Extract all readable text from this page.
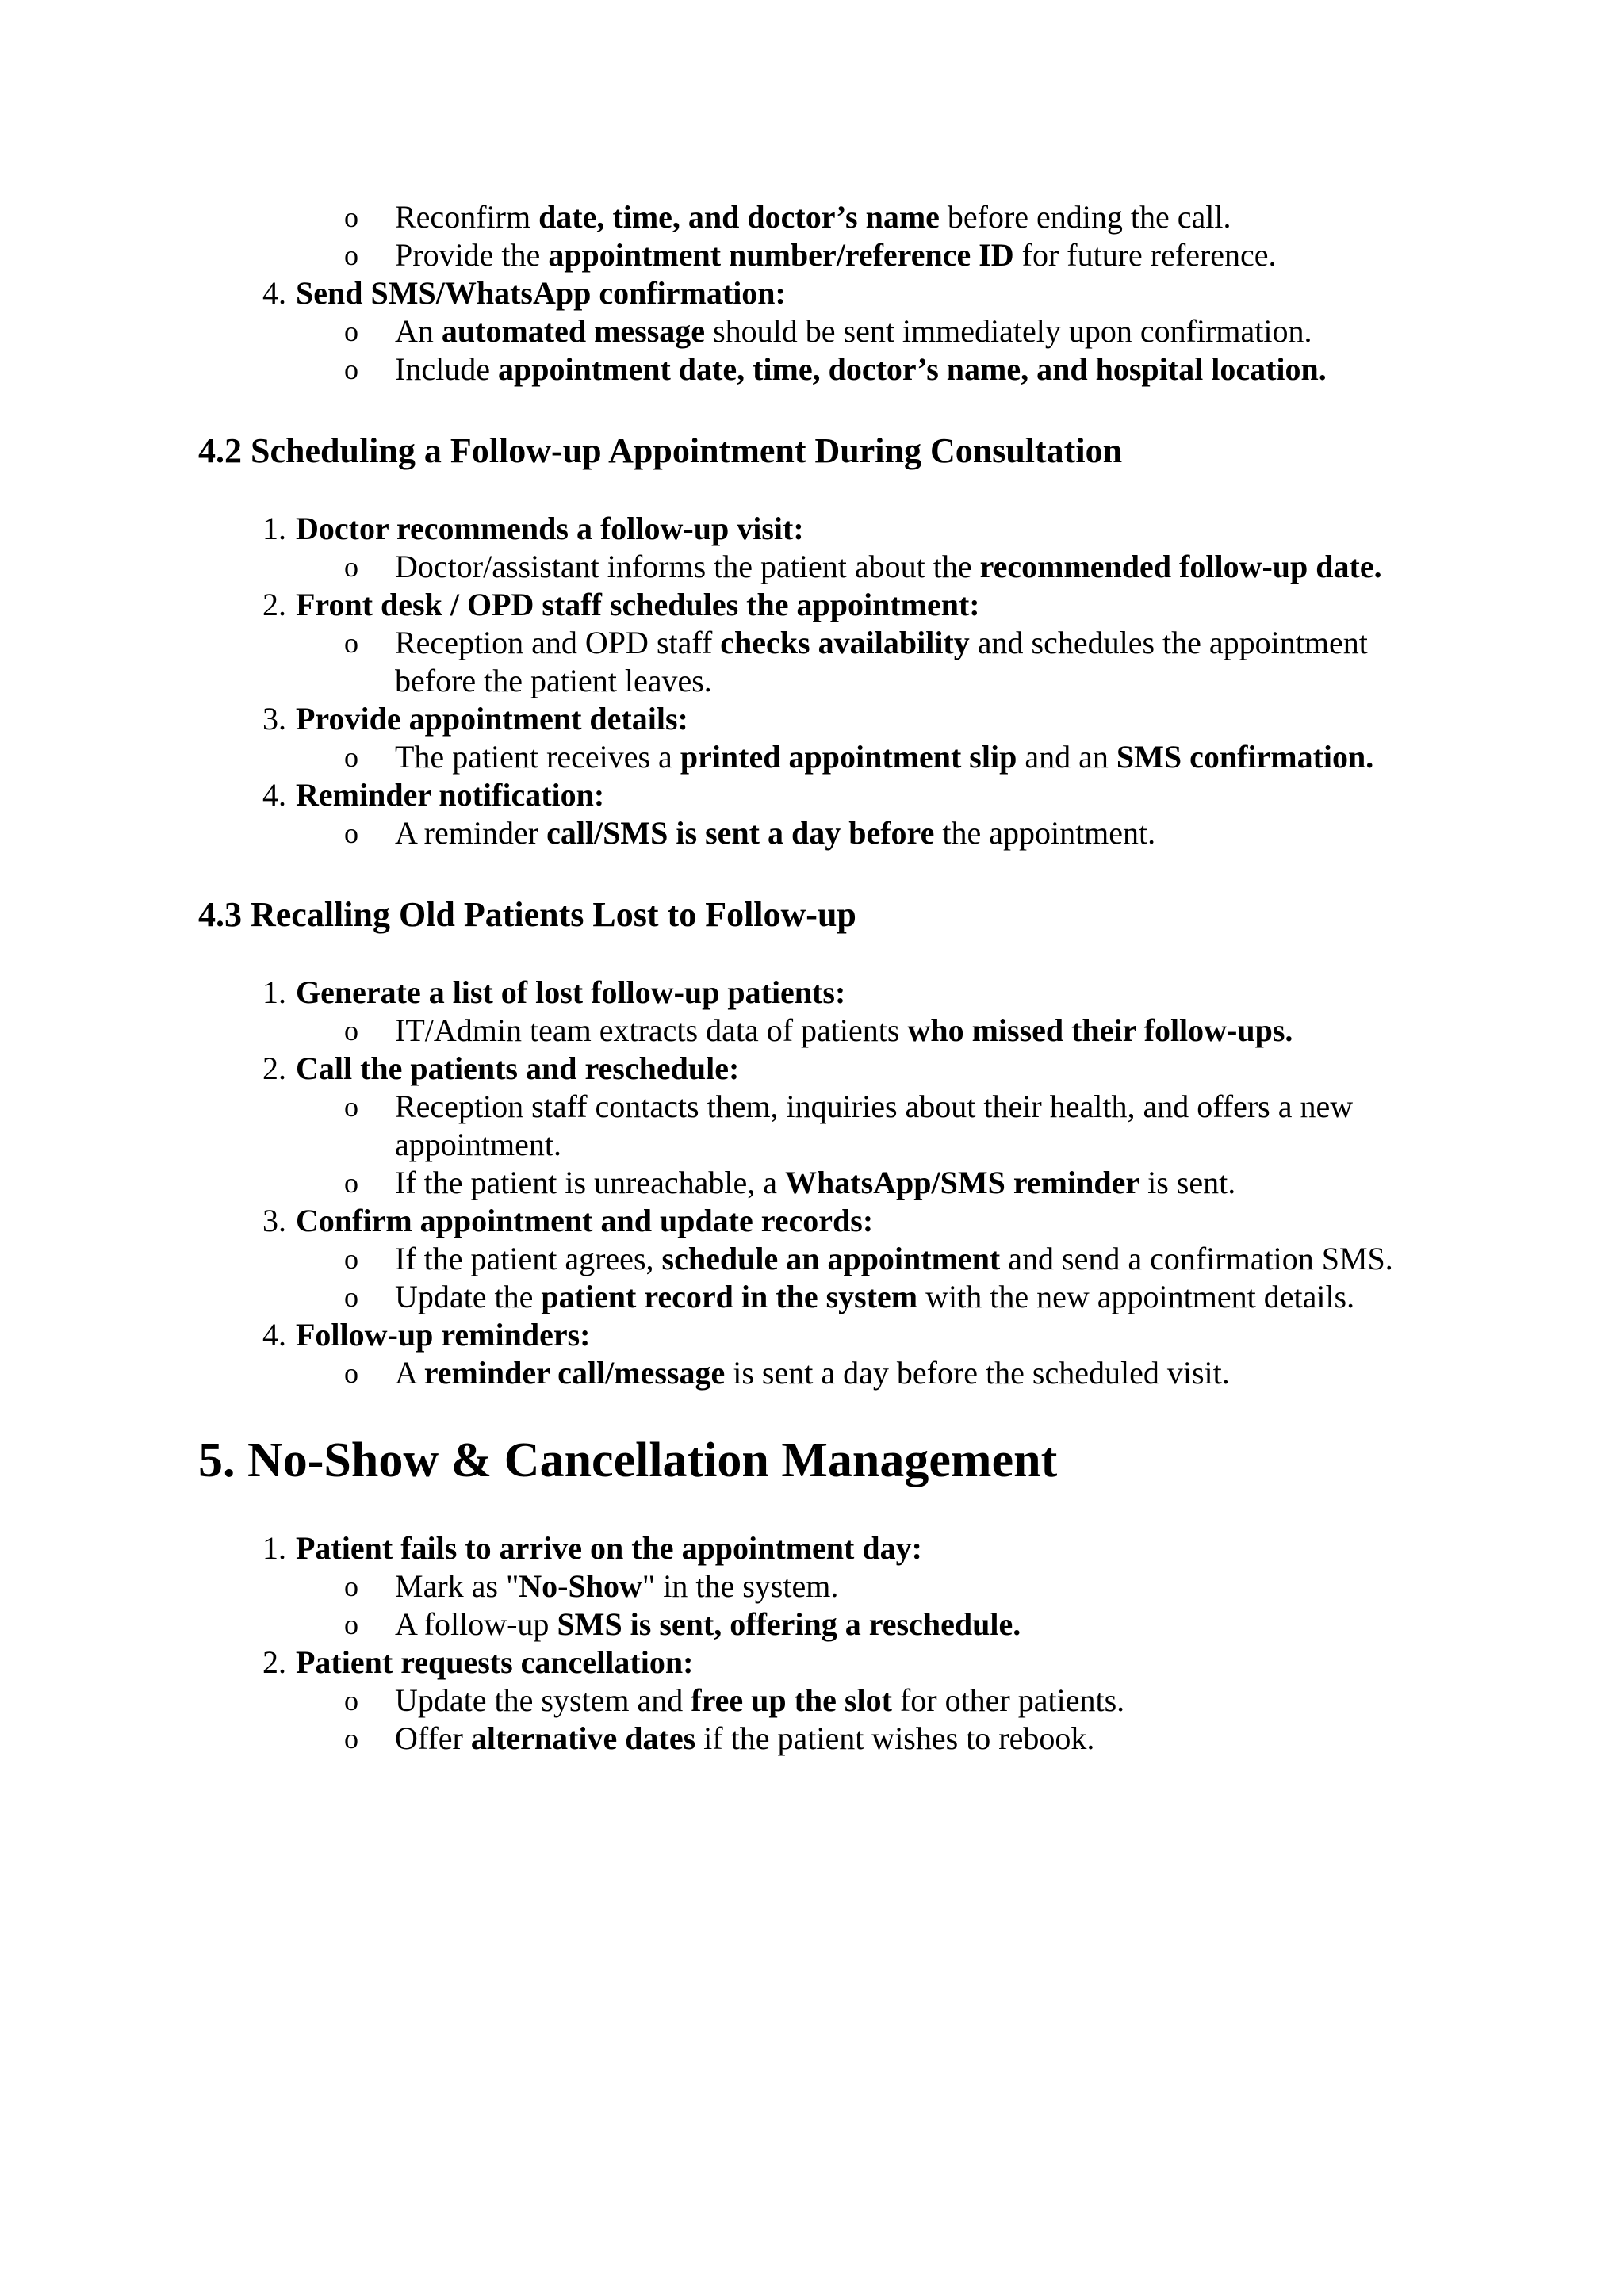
o Reconfirm date, time, and doctor’s name before ending the call.
o Provide the appointment number/reference ID for future reference.
4. Send SMS/WhatsApp confirmation:
o An automated message should be sent immediately upon confirmation.
o Include appointment date, time, doctor’s name, and hospital location.
4.2 Scheduling a Follow-up Appointment During Consultation
1. Doctor recommends a follow-up visit:
o Doctor/assistant informs the patient about the recommended follow-up date.
2. Front desk / OPD staff schedules the appointment:
o Reception and OPD staff checks availability and schedules the appointment
before the patient leaves.
3. Provide appointment details:
o The patient receives a printed appointment slip and an SMS confirmation.
4. Reminder notification:
o A reminder call/SMS is sent a day before the appointment.
4.3 Recalling Old Patients Lost to Follow-up
1. Generate a list of lost follow-up patients:
o IT/Admin team extracts data of patients who missed their follow-ups.
2. Call the patients and reschedule:
o Reception staff contacts them, inquiries about their health, and offers a new
appointment.
o If the patient is unreachable, a WhatsApp/SMS reminder is sent.
3. Confirm appointment and update records:
o If the patient agrees, schedule an appointment and send a confirmation SMS.
o Update the patient record in the system with the new appointment details.
4. Follow-up reminders:
o A reminder call/message is sent a day before the scheduled visit.
5. No-Show & Cancellation Management
1. Patient fails to arrive on the appointment day:
o Mark as "No-Show" in the system.
o A follow-up SMS is sent, offering a reschedule.
2. Patient requests cancellation:
o Update the system and free up the slot for other patients.
o Offer alternative dates if the patient wishes to rebook.
